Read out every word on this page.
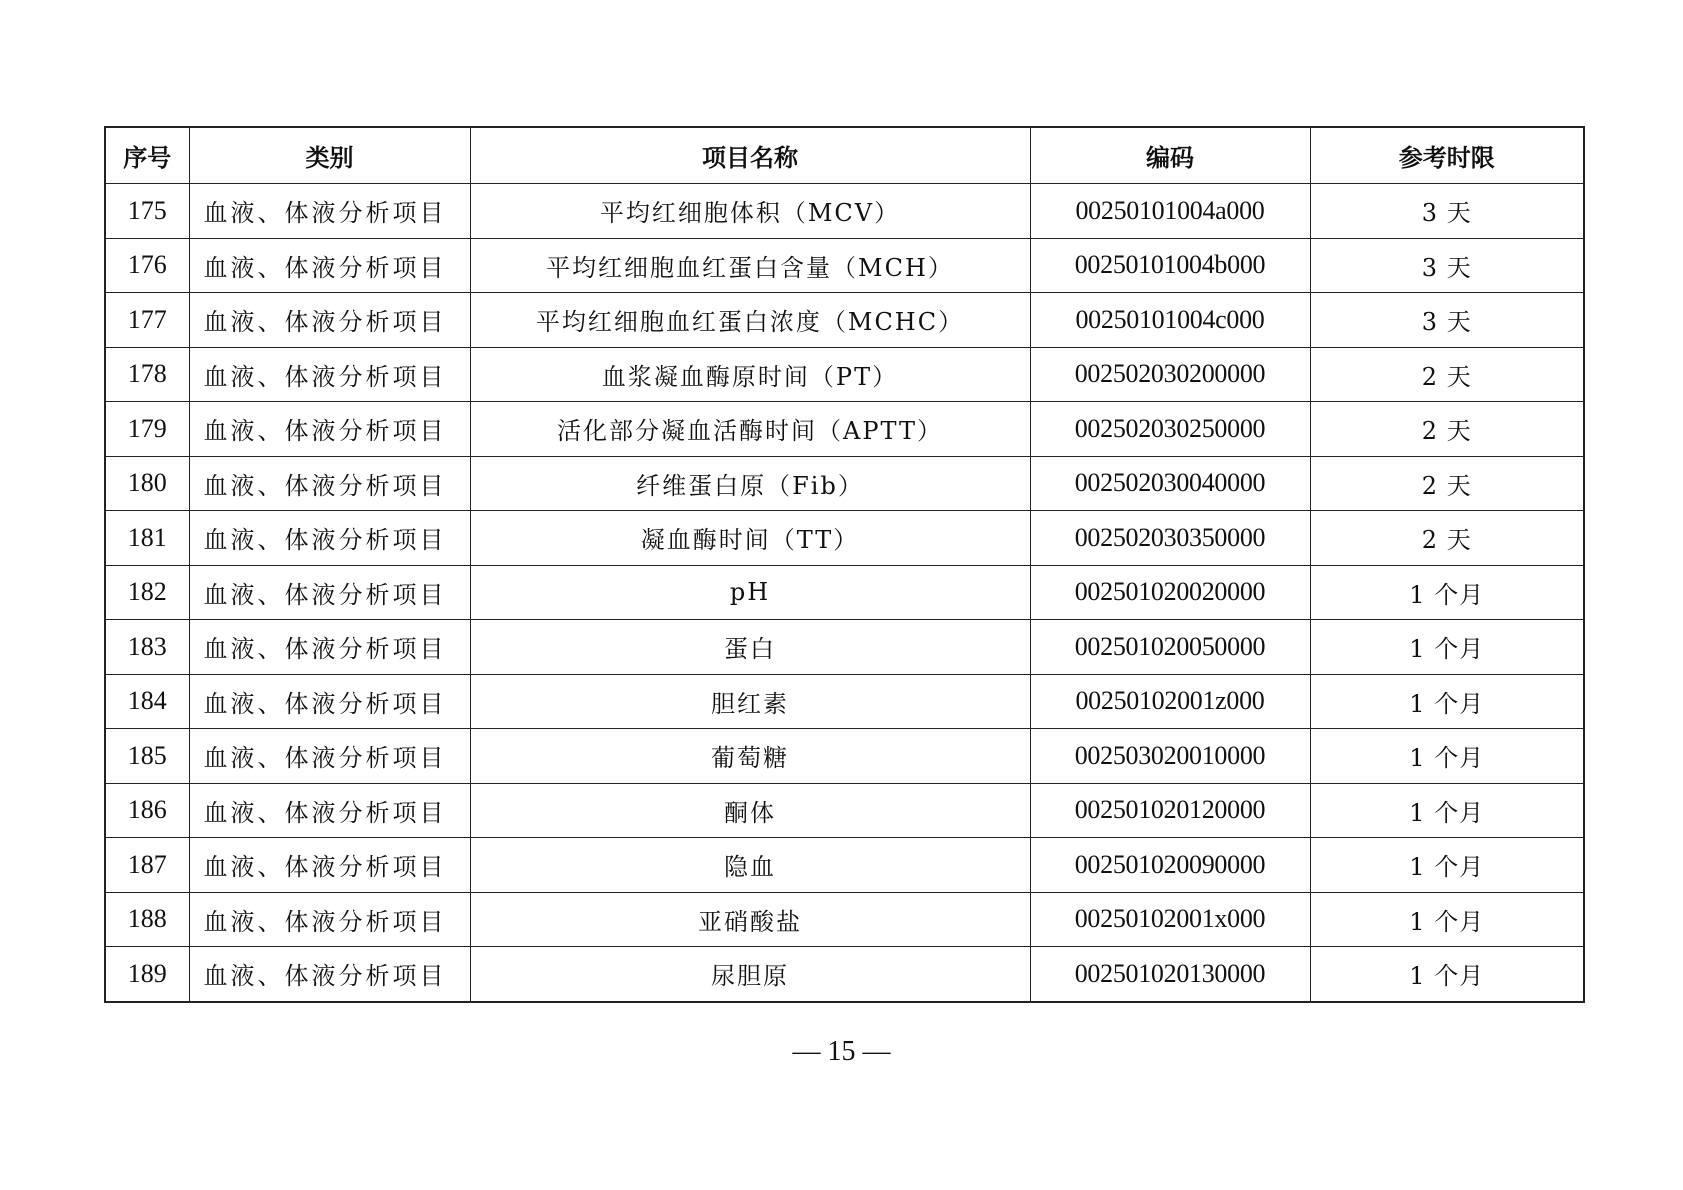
序号	类别	项目名称	编码	参考时限
175	血液、体液分析项目	平均红细胞体积（MCV）	00250101004a000	3 天
176	血液、体液分析项目	平均红细胞血红蛋白含量（MCH）	00250101004b000	3 天
177	血液、体液分析项目	平均红细胞血红蛋白浓度（MCHC）	00250101004c000	3 天
178	血液、体液分析项目	血浆凝血酶原时间（PT）	002502030200000	2 天
179	血液、体液分析项目	活化部分凝血活酶时间（APTT）	002502030250000	2 天
180	血液、体液分析项目	纤维蛋白原（Fib）	002502030040000	2 天
181	血液、体液分析项目	凝血酶时间（TT）	002502030350000	2 天
182	血液、体液分析项目	pH	002501020020000	1 个月
183	血液、体液分析项目	蛋白	002501020050000	1 个月
184	血液、体液分析项目	胆红素	00250102001z000	1 个月
185	血液、体液分析项目	葡萄糖	002503020010000	1 个月
186	血液、体液分析项目	酮体	002501020120000	1 个月
187	血液、体液分析项目	隐血	002501020090000	1 个月
188	血液、体液分析项目	亚硝酸盐	00250102001x000	1 个月
189	血液、体液分析项目	尿胆原	002501020130000	1 个月
— 15 —
